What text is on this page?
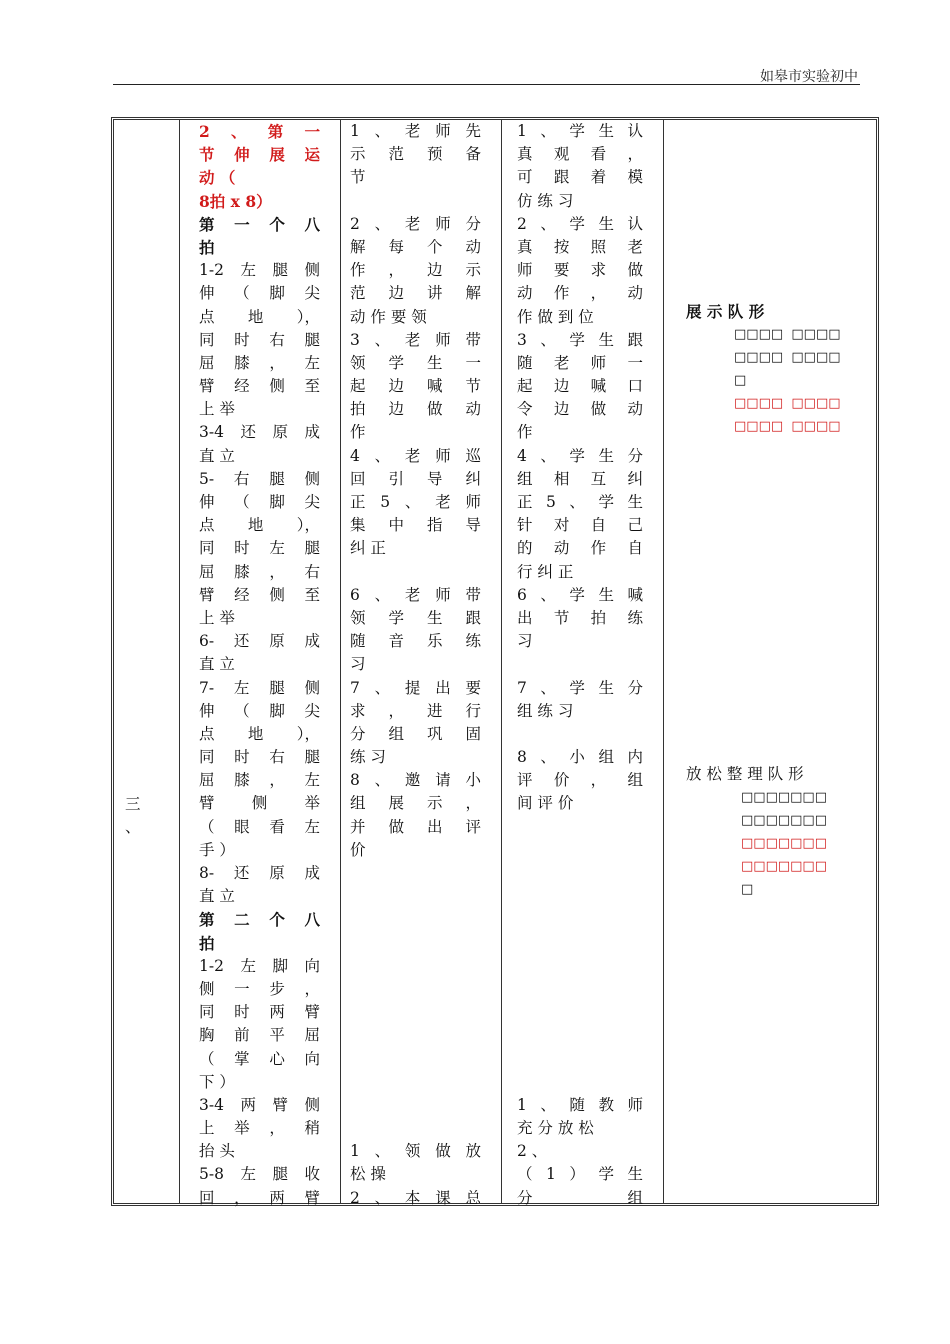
如皋市实验初中
三
、
2 、 第 一
节 伸 展 运
动 （
8拍 x 8）
第 一 个 八
拍
1-2 左 腿 侧
伸 （ 脚 尖
点 地 ），
同 时 右 腿
屈 膝 ， 左
臂 经 侧 至
上 举
3-4 还 原 成
直 立
5- 右 腿 侧
伸 （ 脚 尖
点 地 ），
同 时 左 腿
屈 膝 ， 右
臂 经 侧 至
上 举
6- 还 原 成
直 立
7- 左 腿 侧
伸 （ 脚 尖
点 地 ），
同 时 右 腿
屈 膝 ， 左
臂 侧 举
（ 眼 看 左
手 ）
8- 还 原 成
直 立
第 二 个 八
拍
1-2 左 脚 向
侧 一 步 ，
同 时 两 臂
胸 前 平 屈
（ 掌 心 向
下 ）
3-4 两 臂 侧
上 举 ， 稍
抬 头
5-8 左 腿 收
回 ， 两 臂
1 、 老 师 先
示 范 预 备
节
2 、 老 师 分
解 每 个 动
作 ， 边 示
范 边 讲 解
动 作 要 领
3 、 老 师 带
领 学 生 一
起 边 喊 节
拍 边 做 动
作
4 、 老 师 巡
回 引 导 纠
正 5 、 老 师
集 中 指 导
纠 正
6 、 老 师 带
领 学 生 跟
随 音 乐 练
习
7 、 提 出 要
求 ， 进 行
分 组 巩 固
练 习
8 、 邀 请 小
组 展 示 ，
并 做 出 评
价
1 、 领 做 放
松 操
2 、 本 课 总
1 、 学 生 认
真 观 看 ，
可 跟 着 模
仿 练 习
2 、 学 生 认
真 按 照 老
师 要 求 做
动 作 ， 动
作 做 到 位
3 、 学 生 跟
随 老 师 一
起 边 喊 口
令 边 做 动
作
4 、 学 生 分
组 相 互 纠
正 5 、 学 生
针 对 自 己
的 动 作 自
行 纠 正
6 、 学 生 喊
出 节 拍 练
习
7 、 学 生 分
组 练 习
8 、 小 组 内
评 价 ， 组
间 评 价
1 、 随 教 师
充 分 放 松
2 、
（ 1 ） 学 生
分	组
展 示 队 形
□□□□  □□□□
□□□□  □□□□
□
□□□□  □□□□
□□□□  □□□□
放 松 整 理 队 形
□□□□□□□
□□□□□□□
□□□□□□□
□□□□□□□
□
